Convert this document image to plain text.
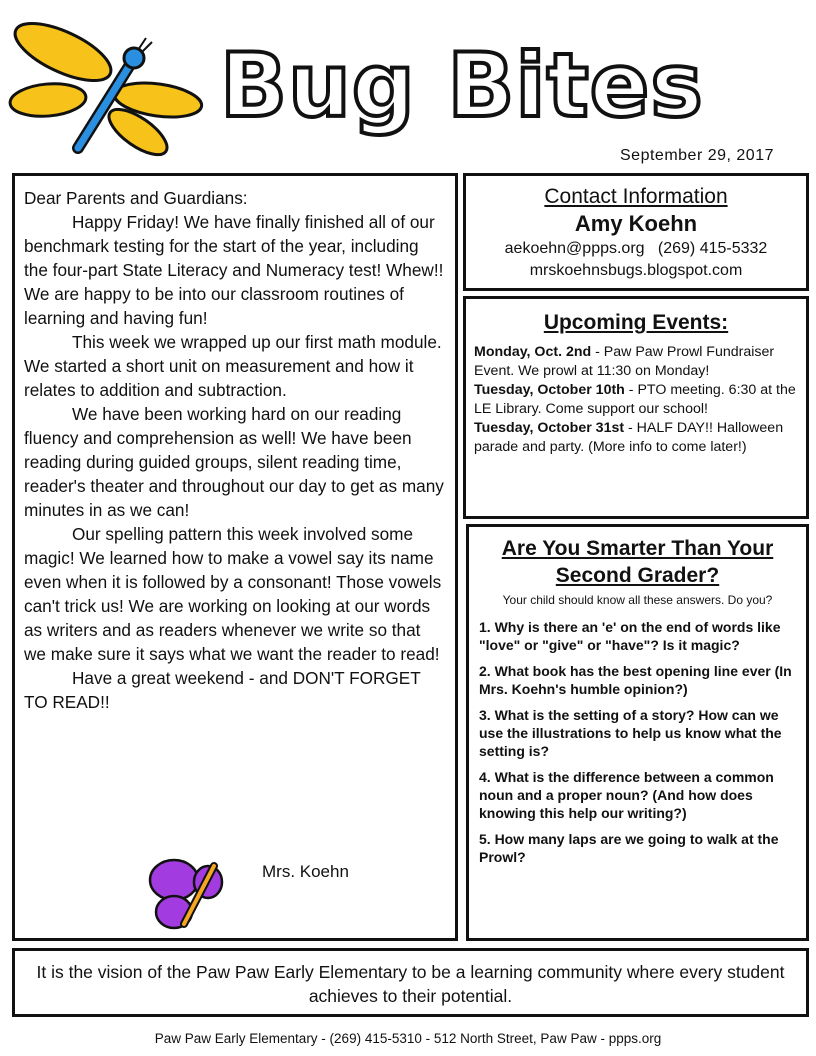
September 29, 2017
Bug Bites

Dear Parents and Guardians:

Happy Friday! We have finally finished all of our benchmark testing for the start of the year, including the four-part State Literacy and Numeracy test! Whew!! We are happy to be into our classroom routines of learning and having fun!

This week we wrapped up our first math module. We started a short unit on measurement and how it relates to addition and subtraction.

We have been working hard on our reading fluency and comprehension as well! We have been reading during guided groups, silent reading time, reader's theater and throughout our day to get as many minutes in as we can!

Our spelling pattern this week involved some magic! We learned how to make a vowel say its name even when it is followed by a consonant! Those vowels can't trick us! We are working on looking at our words as writers and as readers whenever we write so that we make sure it says what we want the reader to read!

Have a great weekend - and DON'T FORGET TO READ!!

Mrs. Koehn
Contact Information
Amy Koehn
aekoehn@ppps.org (269) 415-5332
mrskoehnsbugs.blogspot.com
Upcoming Events:
Monday, Oct. 2nd - Paw Paw Prowl Fundraiser Event. We prowl at 11:30 on Monday!
Tuesday, October 10th - PTO meeting. 6:30 at the LE Library. Come support our school!
Tuesday, October 31st - HALF DAY!! Halloween parade and party. (More info to come later!)
Are You Smarter Than Your Second Grader?
Your child should know all these answers. Do you?
1. Why is there an 'e' on the end of words like "love" or "give" or "have"? Is it magic?
2. What book has the best opening line ever (In Mrs. Koehn's humble opinion?)
3. What is the setting of a story? How can we use the illustrations to help us know what the setting is?
4. What is the difference between a common noun and a proper noun? (And how does knowing this help our writing?)
5. How many laps are we going to walk at the Prowl?
It is the vision of the Paw Paw Early Elementary to be a learning community where every student achieves to their potential.
Paw Paw Early Elementary - (269) 415-5310 - 512 North Street, Paw Paw - ppps.org
